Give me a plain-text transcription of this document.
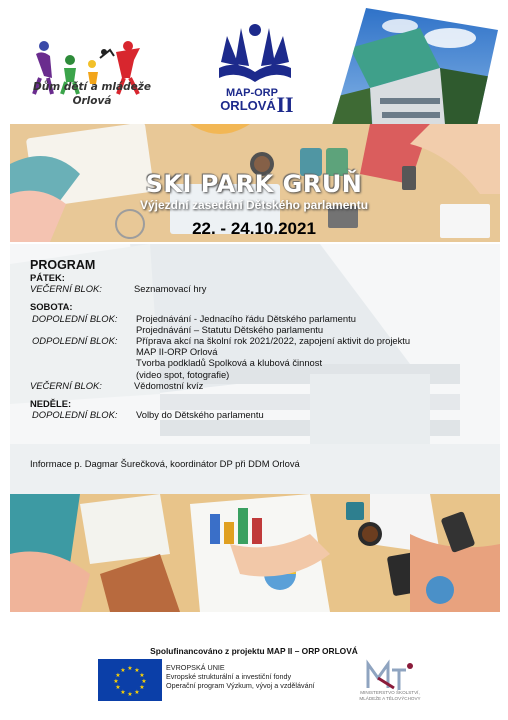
Dům dětí a mládeže
Orlová
MAP-ORP
ORLOVÁ II
SKI PARK GRUŇ
Výjezdní zasedání Dětského parlamentu
22. - 24.10.2021
PROGRAM
PÁTEK:
VEČERNÍ BLOK:	Seznamovací hry
SOBOTA:
DOPOLEDNÍ BLOK:	Projednávání - Jednacího řádu Dětského parlamentu
Projednávání – Statutu Dětského parlamentu
ODPOLEDNÍ BLOK:	Příprava akcí na školní rok 2021/2022, zapojení aktivit do projektu
MAP II-ORP Orlová
Tvorba podkladů Spolková a klubová činnost
(video spot, fotografie)
VEČERNÍ BLOK:	Vědomostní kvíz
NEDĚLE:
DOPOLEDNÍ BLOK:	Volby do Dětského parlamentu
Informace p. Dagmar Šurečková, koordinátor DP při DDM Orlová
Spolufinancováno z projektu MAP II – ORP ORLOVÁ
★ ★
★
★
★
★
★
★
★
★
★
★	EVROPSKÁ UNIE
Evropské strukturální a investiční fondy
Operační program Výzkum, vývoj a vzdělávání
MINISTERSTVO ŠKOLSTVÍ,
MLÁDEŽE A TĚLOVÝCHOVY
